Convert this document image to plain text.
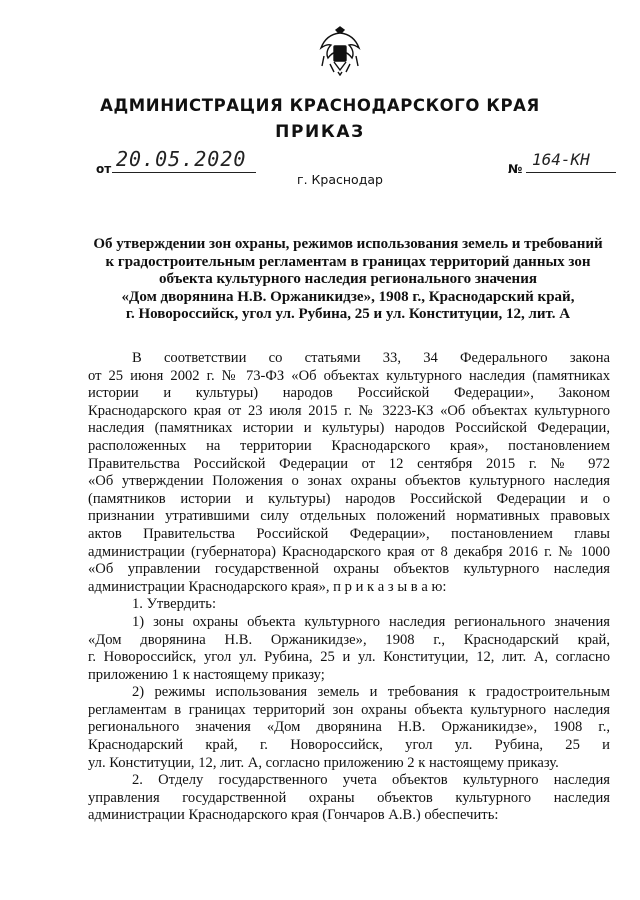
АДМИНИСТРАЦИЯ КРАСНОДАРСКОГО КРАЯ
ПРИКАЗ
от 20.05.2020	№ 164-КН
г. Краснодар
Об утверждении зон охраны, режимов использования земель и требований
к градостроительным регламентам в границах территорий данных зон
объекта культурного наследия регионального значения
«Дом дворянина Н.В. Оржаникидзе», 1908 г., Краснодарский край,
г. Новороссийск, угол ул. Рубина, 25 и ул. Конституции, 12, лит. А
В соответствии со статьями 33, 34 Федерального закона
от 25 июня 2002 г. № 73-ФЗ «Об объектах культурного наследия (памятниках
истории и культуры) народов Российской Федерации», Законом
Краснодарского края от 23 июля 2015 г. № 3223-КЗ «Об объектах культурного
наследия (памятниках истории и культуры) народов Российской Федерации,
расположенных на территории Краснодарского края», постановлением
Правительства Российской Федерации от 12 сентября 2015 г. № 972
«Об утверждении Положения о зонах охраны объектов культурного наследия
(памятников истории и культуры) народов Российской Федерации и о
признании утратившими силу отдельных положений нормативных правовых
актов Правительства Российской Федерации», постановлением главы
администрации (губернатора) Краснодарского края от 8 декабря 2016 г. № 1000
«Об управлении государственной охраны объектов культурного наследия
администрации Краснодарского края», п р и к а з ы в а ю:
1. Утвердить:
1) зоны охраны объекта культурного наследия регионального значения
«Дом дворянина Н.В. Оржаникидзе», 1908 г., Краснодарский край,
г. Новороссийск, угол ул. Рубина, 25 и ул. Конституции, 12, лит. А, согласно
приложению 1 к настоящему приказу;
2) режимы использования земель и требования к градостроительным
регламентам в границах территорий зон охраны объекта культурного наследия
регионального значения «Дом дворянина Н.В. Оржаникидзе», 1908 г.,
Краснодарский край, г. Новороссийск, угол ул. Рубина, 25 и
ул. Конституции, 12, лит. А, согласно приложению 2 к настоящему приказу.
2. Отделу государственного учета объектов культурного наследия
управления государственной охраны объектов культурного наследия
администрации Краснодарского края (Гончаров А.В.) обеспечить:
